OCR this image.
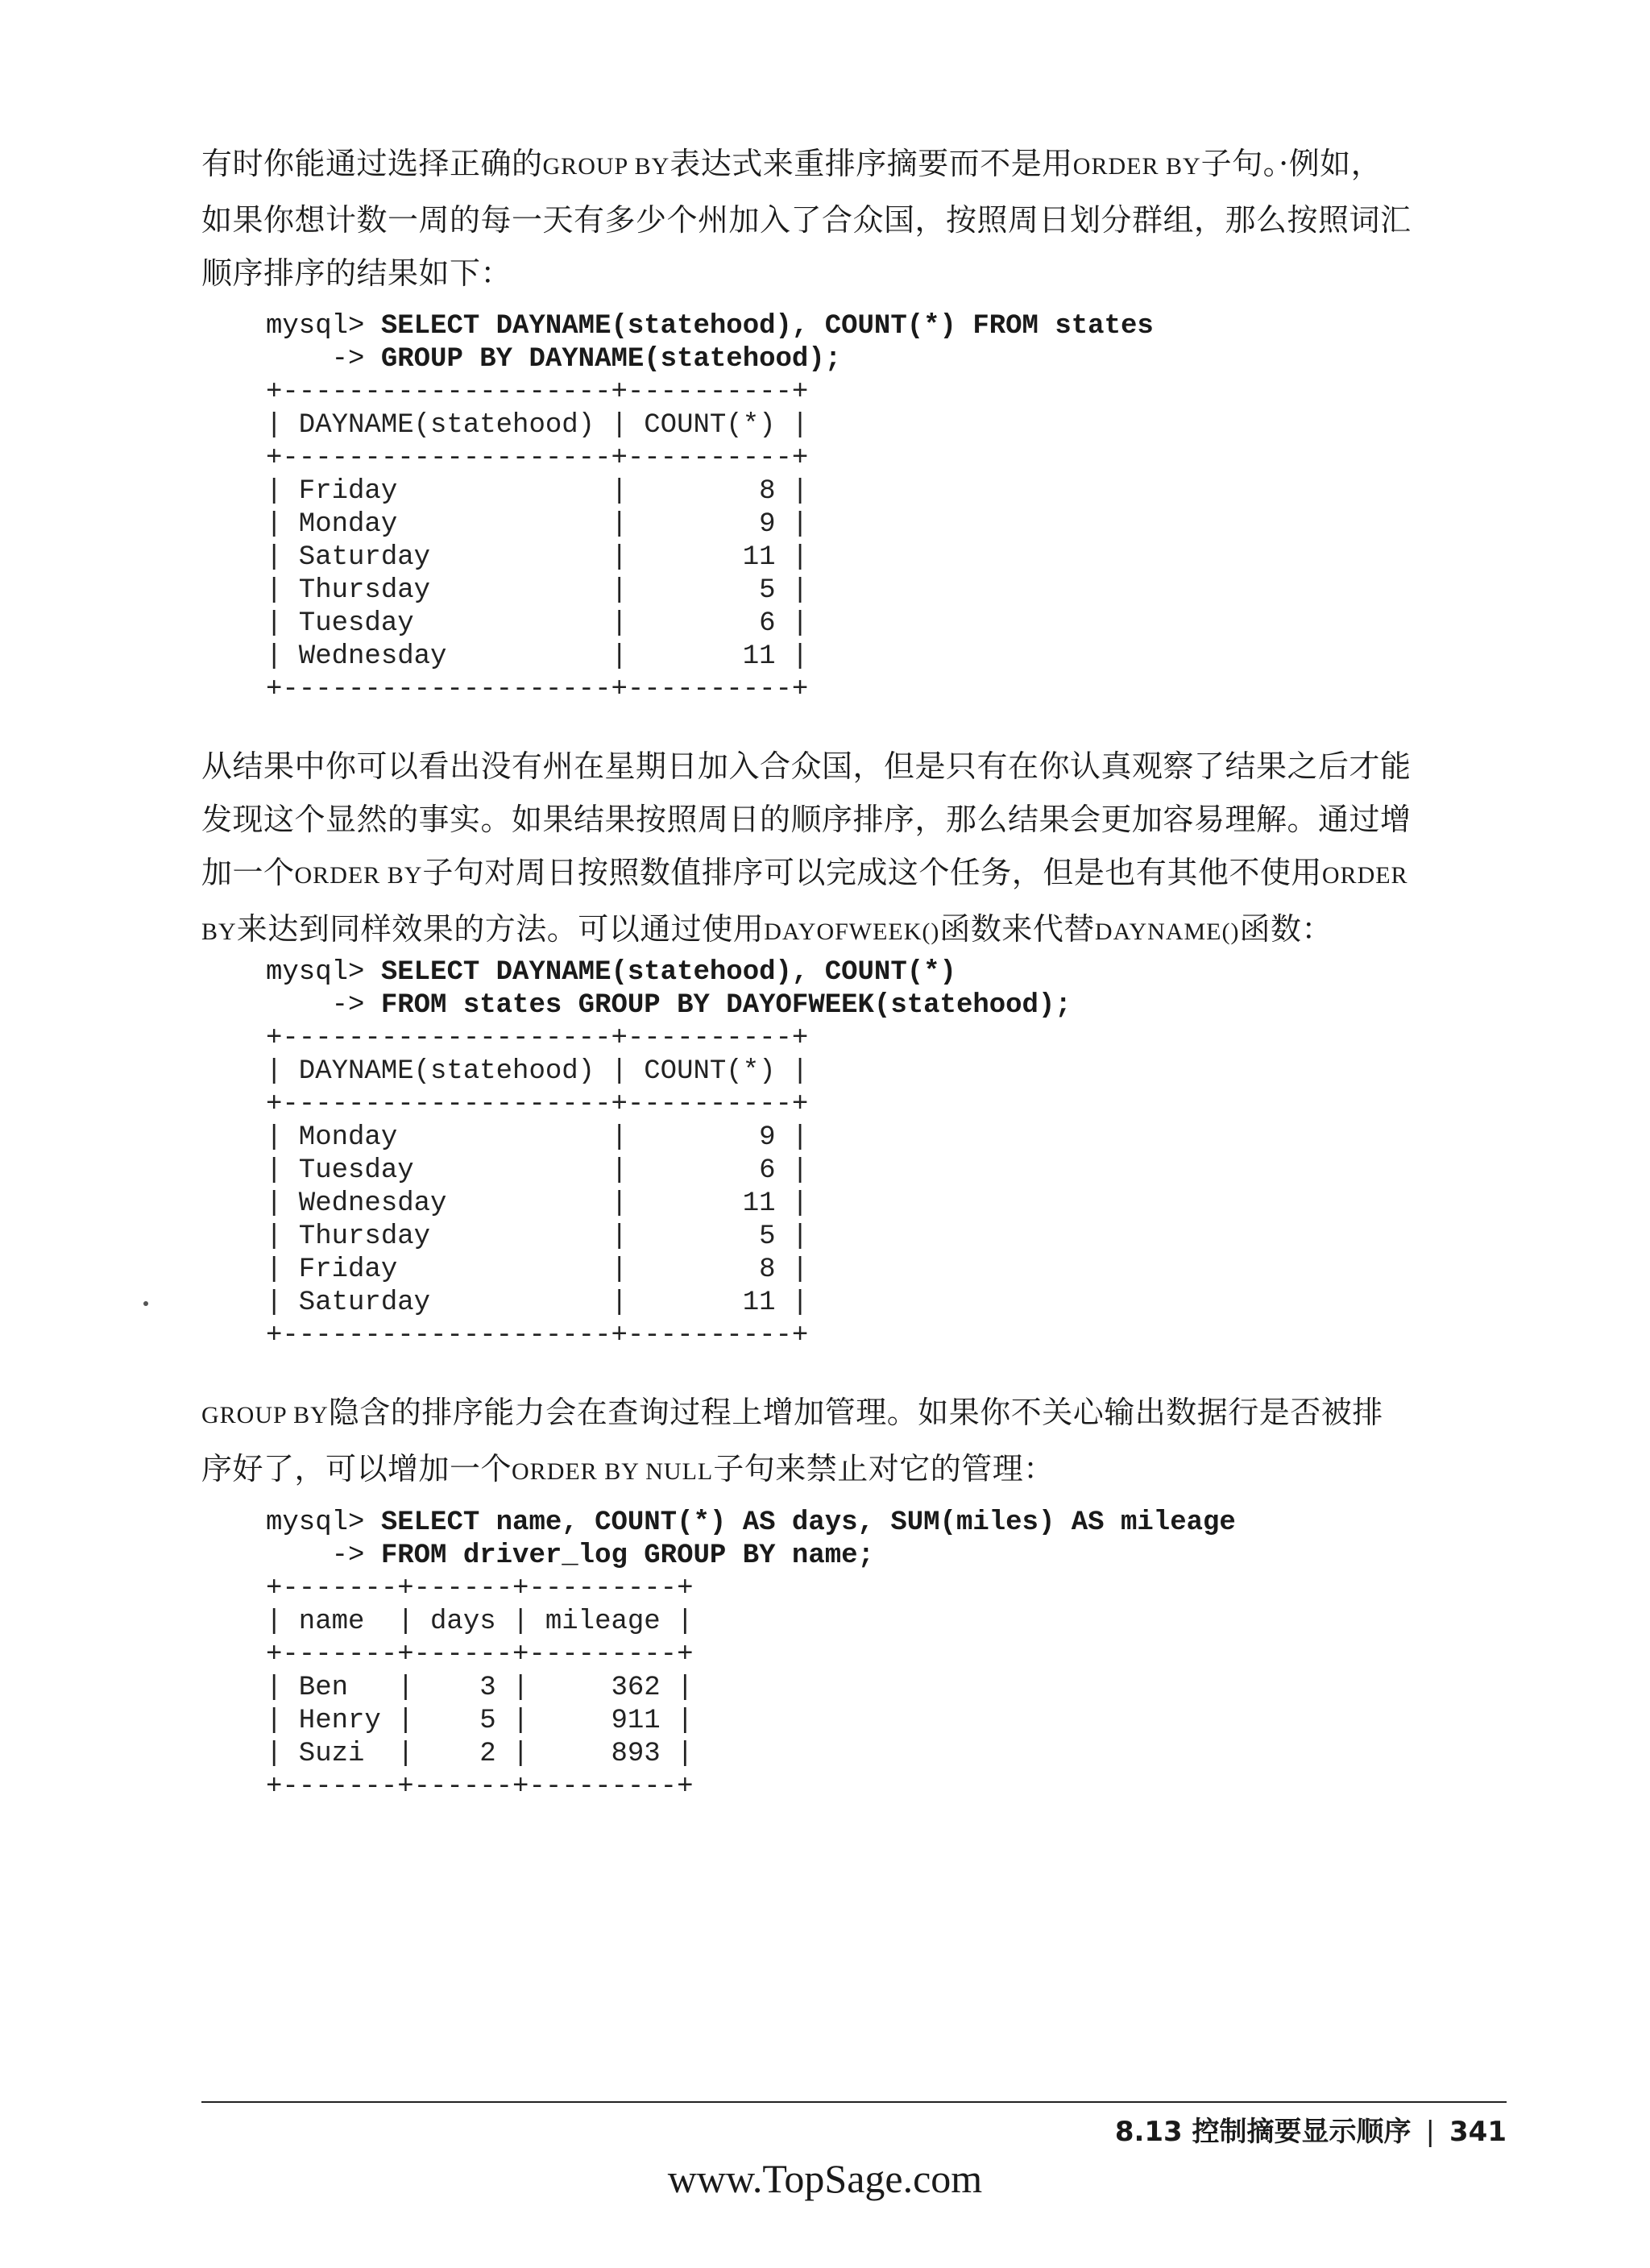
有时你能通过选择正确的GROUP BY表达式来重排序摘要而不是用ORDER BY子句。·例如，
如果你想计数一周的每一天有多少个州加入了合众国，按照周日划分群组，那么按照词汇
顺序排序的结果如下：
mysql> SELECT DAYNAME(statehood), COUNT(*) FROM states
-> GROUP BY DAYNAME(statehood);
+--------------------+----------+
| DAYNAME(statehood) | COUNT(*) |
+--------------------+----------+
| Friday             |        8 |
| Monday             |        9 |
| Saturday           |       11 |
| Thursday           |        5 |
| Tuesday            |        6 |
| Wednesday          |       11 |
+--------------------+----------+
从结果中你可以看出没有州在星期日加入合众国，但是只有在你认真观察了结果之后才能
发现这个显然的事实。如果结果按照周日的顺序排序，那么结果会更加容易理解。通过增
加一个ORDER BY子句对周日按照数值排序可以完成这个任务，但是也有其他不使用ORDER
BY来达到同样效果的方法。可以通过使用DAYOFWEEK()函数来代替DAYNAME()函数：
mysql> SELECT DAYNAME(statehood), COUNT(*)
-> FROM states GROUP BY DAYOFWEEK(statehood);
+--------------------+----------+
| DAYNAME(statehood) | COUNT(*) |
+--------------------+----------+
| Monday             |        9 |
| Tuesday            |        6 |
| Wednesday          |       11 |
| Thursday           |        5 |
| Friday             |        8 |
| Saturday           |       11 |
+--------------------+----------+
GROUP BY隐含的排序能力会在查询过程上增加管理。如果你不关心输出数据行是否被排
序好了，可以增加一个ORDER BY NULL子句来禁止对它的管理：
mysql> SELECT name, COUNT(*) AS days, SUM(miles) AS mileage
-> FROM driver_log GROUP BY name;
+-------+------+---------+
| name  | days | mileage |
+-------+------+---------+
| Ben   |    3 |     362 |
| Henry |    5 |     911 |
| Suzi  |    2 |     893 |
+-------+------+---------+
8.13 控制摘要显示顺序 | 341
www.TopSage.com
